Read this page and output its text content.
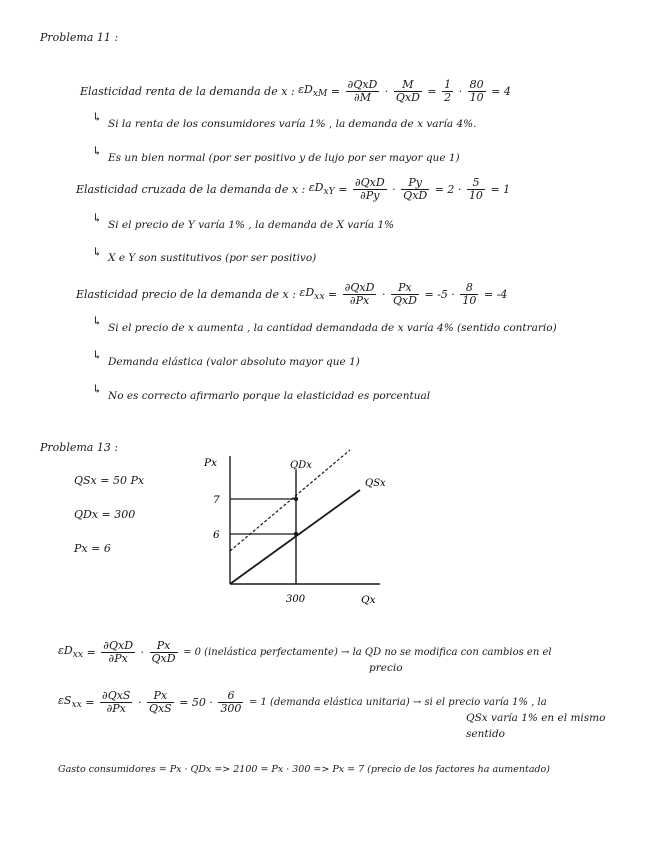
Problema 11 :
Elasticidad renta de la demanda de x : $\varepsilon D_{xM} = \frac{\text{∂QxD}}{\partial M} \cdot \frac{M}{\text{QxD}} = \frac{1}{2} \cdot \frac{80}{10} = 4$
↳ Si la renta de los consumidores varía 1% , la demanda de x varía 4%.
↳ Es un bien normal (por ser positivo y de lujo por ser mayor que 1)
Elasticidad cruzada de la demanda de x : $\varepsilon D_{xY} = \frac{\text{∂QxD}}{\partial Py} \cdot \frac{Py}{\text{QxD}} = 2 \cdot \frac{5}{10} = 1$
↳ Si el precio de Y varía 1% , la demanda de X varía 1%
↳ X e Y son sustitutivos (por ser positivo)
Elasticidad precio de la demanda de x : $\varepsilon D_{xx} = \frac{\text{∂QxD}}{\partial Px} \cdot \frac{Px}{\text{QxD}} = -5 \cdot \frac{8}{10} = -4$
↳ Si el precio de x aumenta , la cantidad demandada de x varía 4% (sentido contrario)
↳ Demanda elástica (valor absoluto mayor que 1)
↳ No es correcto afirmarlo porque la elasticidad es porcentual
Problema 13 :
QSx = 50 Px
QDx = 300
Px = 6
Px
Qx
QDx
QSx
7
6
300
$\varepsilon D_{xx} = \frac{\text{∂QxD}}{\partial Px} \cdot \frac{Px}{\text{QxD}} = 0$ (inelástica perfectamente) → la QD no se modifica con cambios en el
precio
$\varepsilon S_{xx} = \frac{\text{∂QxS}}{\partial Px} \cdot \frac{Px}{\text{QxS}} = 50 \cdot \frac{6}{300} = 1$ (demanda elástica unitaria) → si el precio varía 1% , la
QSx varía 1% en el mismo
sentido
Gasto consumidores = Px · QDx => 2100 = Px · 300 => Px = 7 (precio de los factores ha aumentado)
